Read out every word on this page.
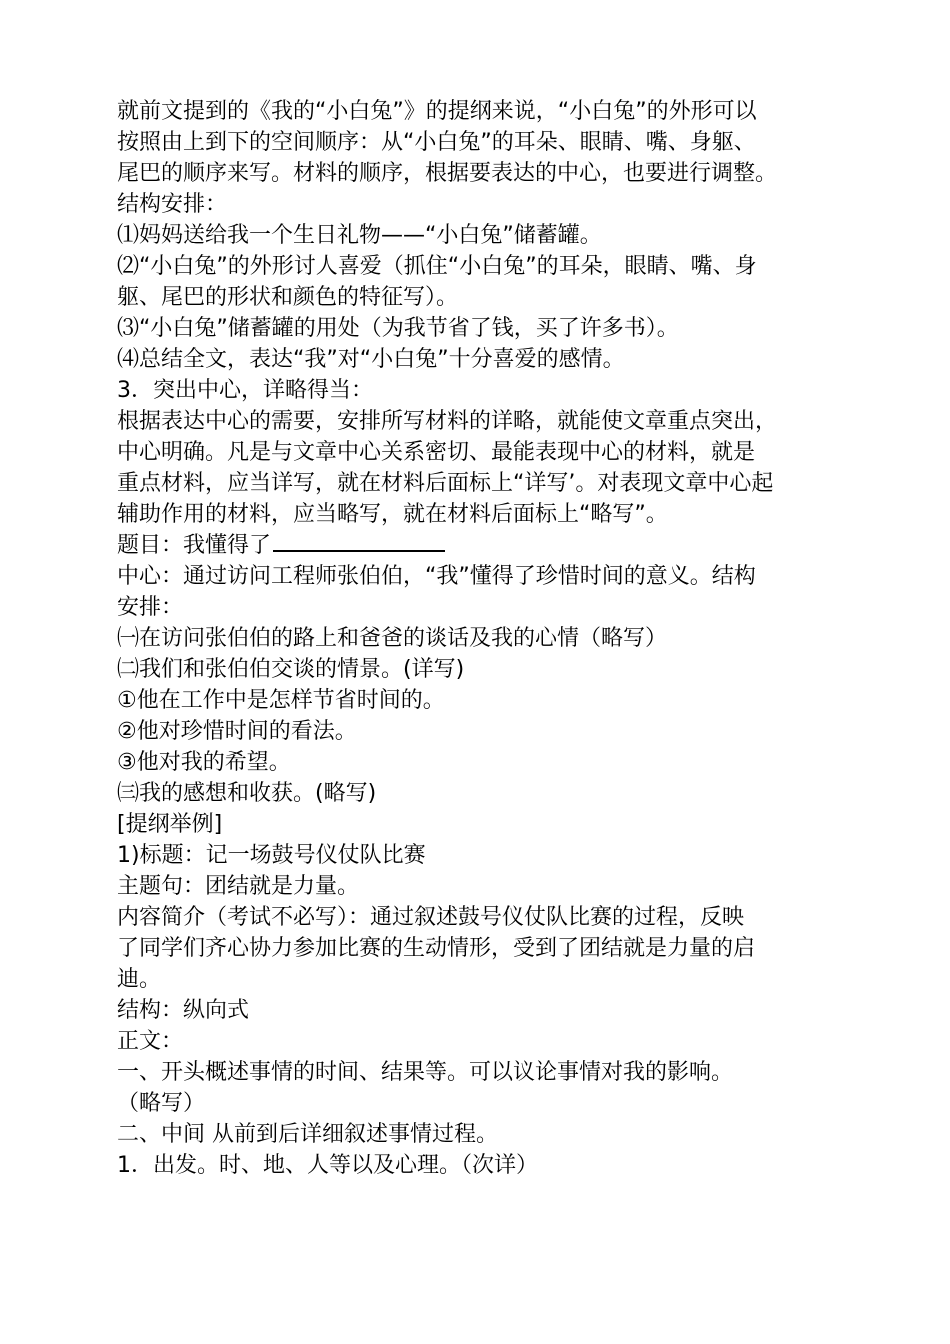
就前文提到的《我的“小白兔”》的提纲来说，“小白兔”的外形可以
按照由上到下的空间顺序：从“小白兔”的耳朵、眼睛、嘴、身躯、
尾巴的顺序来写。材料的顺序，根据要表达的中心，也要进行调整。
结构安排：
⑴妈妈送给我一个生日礼物——“小白兔”储蓄罐。
⑵“小白兔”的外形讨人喜爱（抓住“小白兔”的耳朵，眼睛、嘴、身
躯、尾巴的形状和颜色的特征写）。
⑶“小白兔”储蓄罐的用处（为我节省了钱，买了许多书）。
⑷总结全文，表达“我”对“小白兔”十分喜爱的感情。
3．突出中心，详略得当：
根据表达中心的需要，安排所写材料的详略，就能使文章重点突出，
中心明确。凡是与文章中心关系密切、最能表现中心的材料，就是
重点材料，应当详写，就在材料后面标上“详写’。对表现文章中心起
辅助作用的材料，应当略写，就在材料后面标上“略写”。
题目：我懂得了
中心：通过访问工程师张伯伯，“我”懂得了珍惜时间的意义。结构
安排：
㈠在访问张伯伯的路上和爸爸的谈话及我的心情（略写）
㈡我们和张伯伯交谈的情景。(详写)
①他在工作中是怎样节省时间的。
②他对珍惜时间的看法。
③他对我的希望。
㈢我的感想和收获。(略写)
[提纲举例]
1)标题：记一场鼓号仪仗队比赛
主题句：团结就是力量。
内容简介（考试不必写）：通过叙述鼓号仪仗队比赛的过程，反映
了同学们齐心协力参加比赛的生动情形，受到了团结就是力量的启
迪。
结构：纵向式
正文：
一、开头概述事情的时间、结果等。可以议论事情对我的影响。
（略写）
二、中间 从前到后详细叙述事情过程。
1．出发。时、地、人等以及心理。（次详）
